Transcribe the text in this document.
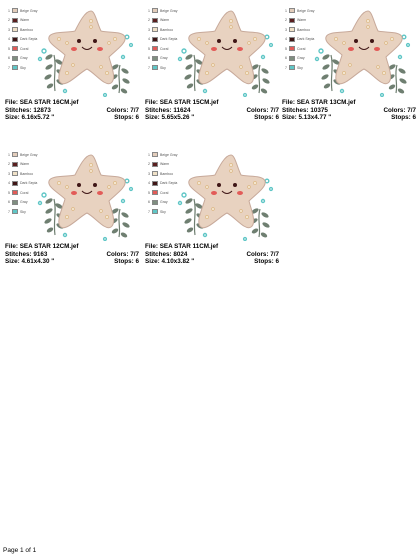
1	Beige Gray
2	Warm
3	Bamboo
4	Dark Sepia
5	Coral
6	Gray
7	Sky
File: SEA STAR 16CM.jef
Stitches: 12873	Colors: 7/7
Size: 6.16x5.72 "	Stops: 6
1	Beige Gray
2	Warm
3	Bamboo
4	Dark Sepia
5	Coral
6	Gray
7	Sky
File: SEA STAR 15CM.jef
Stitches: 11624	Colors: 7/7
Size: 5.65x5.26 "	Stops: 6
1	Beige Gray
2	Warm
3	Bamboo
4	Dark Sepia
5	Coral
6	Gray
7	Sky
File: SEA STAR 13CM.jef
Stitches: 10375	Colors: 7/7
Size: 5.13x4.77 "	Stops: 6
1	Beige Gray
2	Warm
3	Bamboo
4	Dark Sepia
5	Coral
6	Gray
7	Sky
File: SEA STAR 12CM.jef
Stitches: 9163	Colors: 7/7
Size: 4.61x4.30 "	Stops: 6
1	Beige Gray
2	Warm
3	Bamboo
4	Dark Sepia
5	Coral
6	Gray
7	Sky
File: SEA STAR 11CM.jef
Stitches: 8024	Colors: 7/7
Size: 4.10x3.82 "	Stops: 6
Page 1 of 1
